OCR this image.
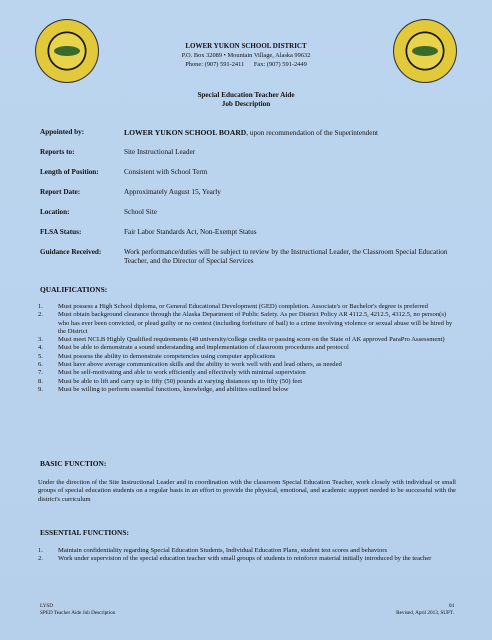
LOWER YUKON SCHOOL DISTRICT
P.O. Box 32089 • Mountain Village, Alaska 99632
Phone: (907) 591-2411 Fax: (907) 591-2449
Special Education Teacher Aide
Job Description
Appointed by:	LOWER YUKON SCHOOL BOARD, upon recommendation of the Superintendent
Reports to:	Site Instructional Leader
Length of Position:	Consistent with School Term
Report Date:	Approximately August 15, Yearly
Location:	School Site
FLSA Status:	Fair Labor Standards Act, Non-Exempt Status
Guidance Received:	Work performance/duties will be subject to review by the Instructional Leader, the Classroom Special Education Teacher, and the Director of Special Services
QUALIFICATIONS:
1. Must possess a High School diploma, or General Educational Development (GED) completion. Associate's or Bachelor's degree is preferred
2. Must obtain background clearance through the Alaska Department of Public Safety. As per District Policy AR 4112.5, 4212.5, 4312.5, no person(s) who has ever been convicted, or plead guilty or no contest (including forfeiture of bail) to a crime involving violence or sexual abuse will be hired by the District
3. Must meet NCLB Highly Qualified requirements (48 university/college credits or passing score on the State of AK approved ParaPro Assessment)
4. Must be able to demonstrate a sound understanding and implementation of classroom procedures and protocol
5. Must possess the ability to demonstrate competencies using computer applications
6. Must have above average communication skills and the ability to work well with and lead others, as needed
7. Must be self-motivating and able to work efficiently and effectively with minimal supervision
8. Must be able to lift and carry up to fifty (50) pounds at varying distances up to fifty (50) feet
9. Must be willing to perform essential functions, knowledge, and abilities outlined below
BASIC FUNCTION:
Under the direction of the Site Instructional Leader and in coordination with the classroom Special Education Teacher, work closely with individual or small groups of special education students on a regular basis in an effort to provide the physical, emotional, and academic support needed to be successful with the district's curriculum
ESSENTIAL FUNCTIONS:
1. Maintain confidentiality regarding Special Education Students, Individual Education Plans, student test scores and behaviors
2. Work under supervision of the special education teacher with small groups of students to reinforce material initially introduced by the teacher
LYSD
SPED Teacher Aide Job Description
04
Revised, April 2013, SUPT.
